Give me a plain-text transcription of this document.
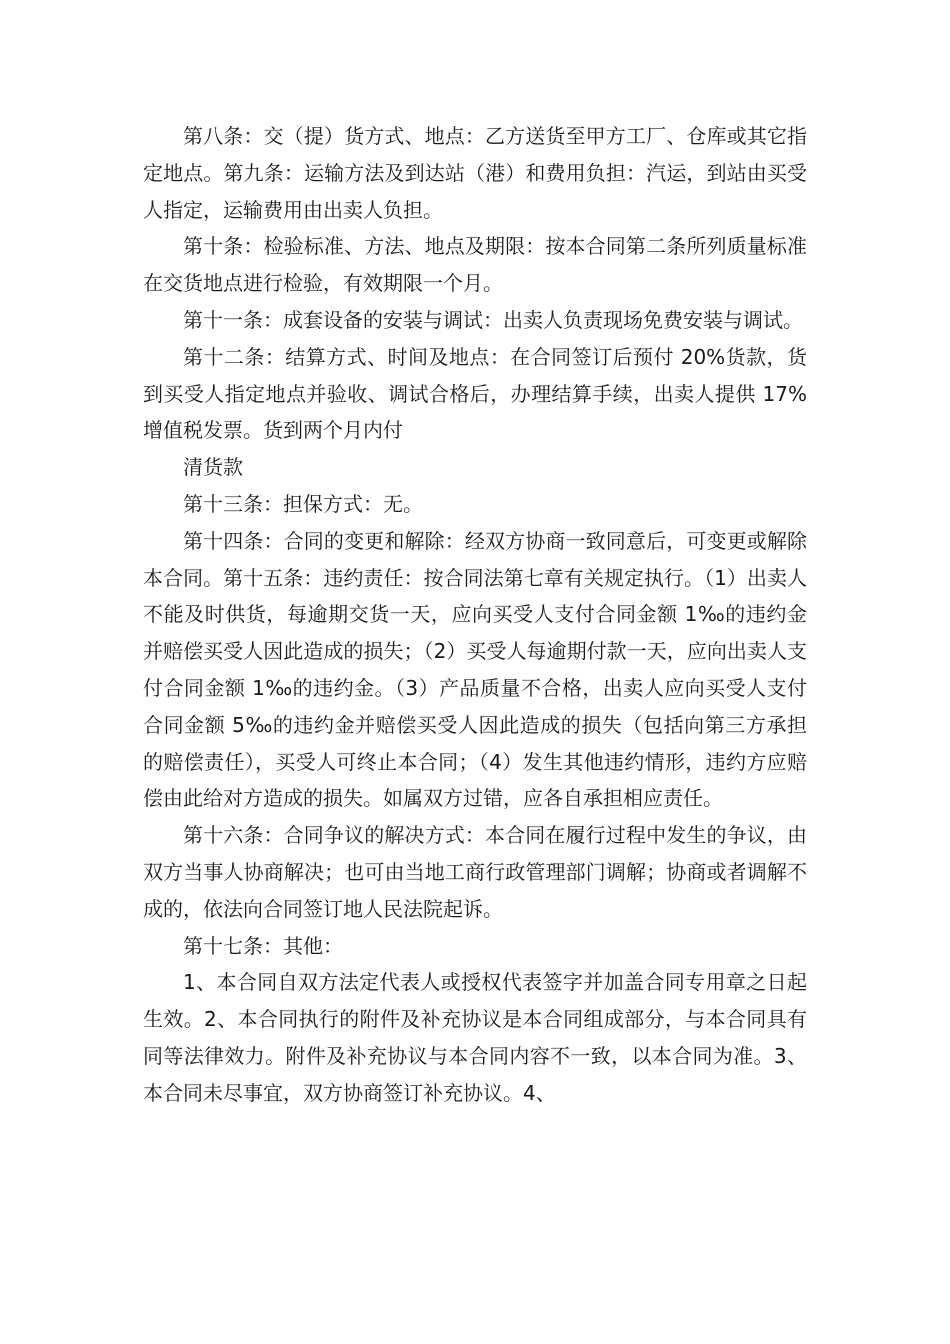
第八条：交（提）货方式、地点：乙方送货至甲方工厂、仓库或其它指定地点。第九条：运输方法及到达站（港）和费用负担：汽运，到站由买受人指定，运输费用由出卖人负担。

第十条：检验标准、方法、地点及期限：按本合同第二条所列质量标准在交货地点进行检验，有效期限一个月。

第十一条：成套设备的安装与调试：出卖人负责现场免费安装与调试。

第十二条：结算方式、时间及地点：在合同签订后预付 20%货款，货到买受人指定地点并验收、调试合格后，办理结算手续，出卖人提供 17%增值税发票。货到两个月内付

清货款

第十三条：担保方式：无。

第十四条：合同的变更和解除：经双方协商一致同意后，可变更或解除本合同。第十五条：违约责任：按合同法第七章有关规定执行。（1）出卖人不能及时供货，每逾期交货一天，应向买受人支付合同金额 1‰的违约金并赔偿买受人因此造成的损失；（2）买受人每逾期付款一天，应向出卖人支付合同金额 1‰的违约金。（3）产品质量不合格，出卖人应向买受人支付合同金额 5‰的违约金并赔偿买受人因此造成的损失（包括向第三方承担的赔偿责任），买受人可终止本合同；（4）发生其他违约情形，违约方应赔偿由此给对方造成的损失。如属双方过错，应各自承担相应责任。

第十六条：合同争议的解决方式：本合同在履行过程中发生的争议，由双方当事人协商解决；也可由当地工商行政管理部门调解；协商或者调解不成的，依法向合同签订地人民法院起诉。

第十七条：其他：

1、本合同自双方法定代表人或授权代表签字并加盖合同专用章之日起生效。2、本合同执行的附件及补充协议是本合同组成部分，与本合同具有同等法律效力。附件及补充协议与本合同内容不一致，以本合同为准。3、本合同未尽事宜，双方协商签订补充协议。4、
